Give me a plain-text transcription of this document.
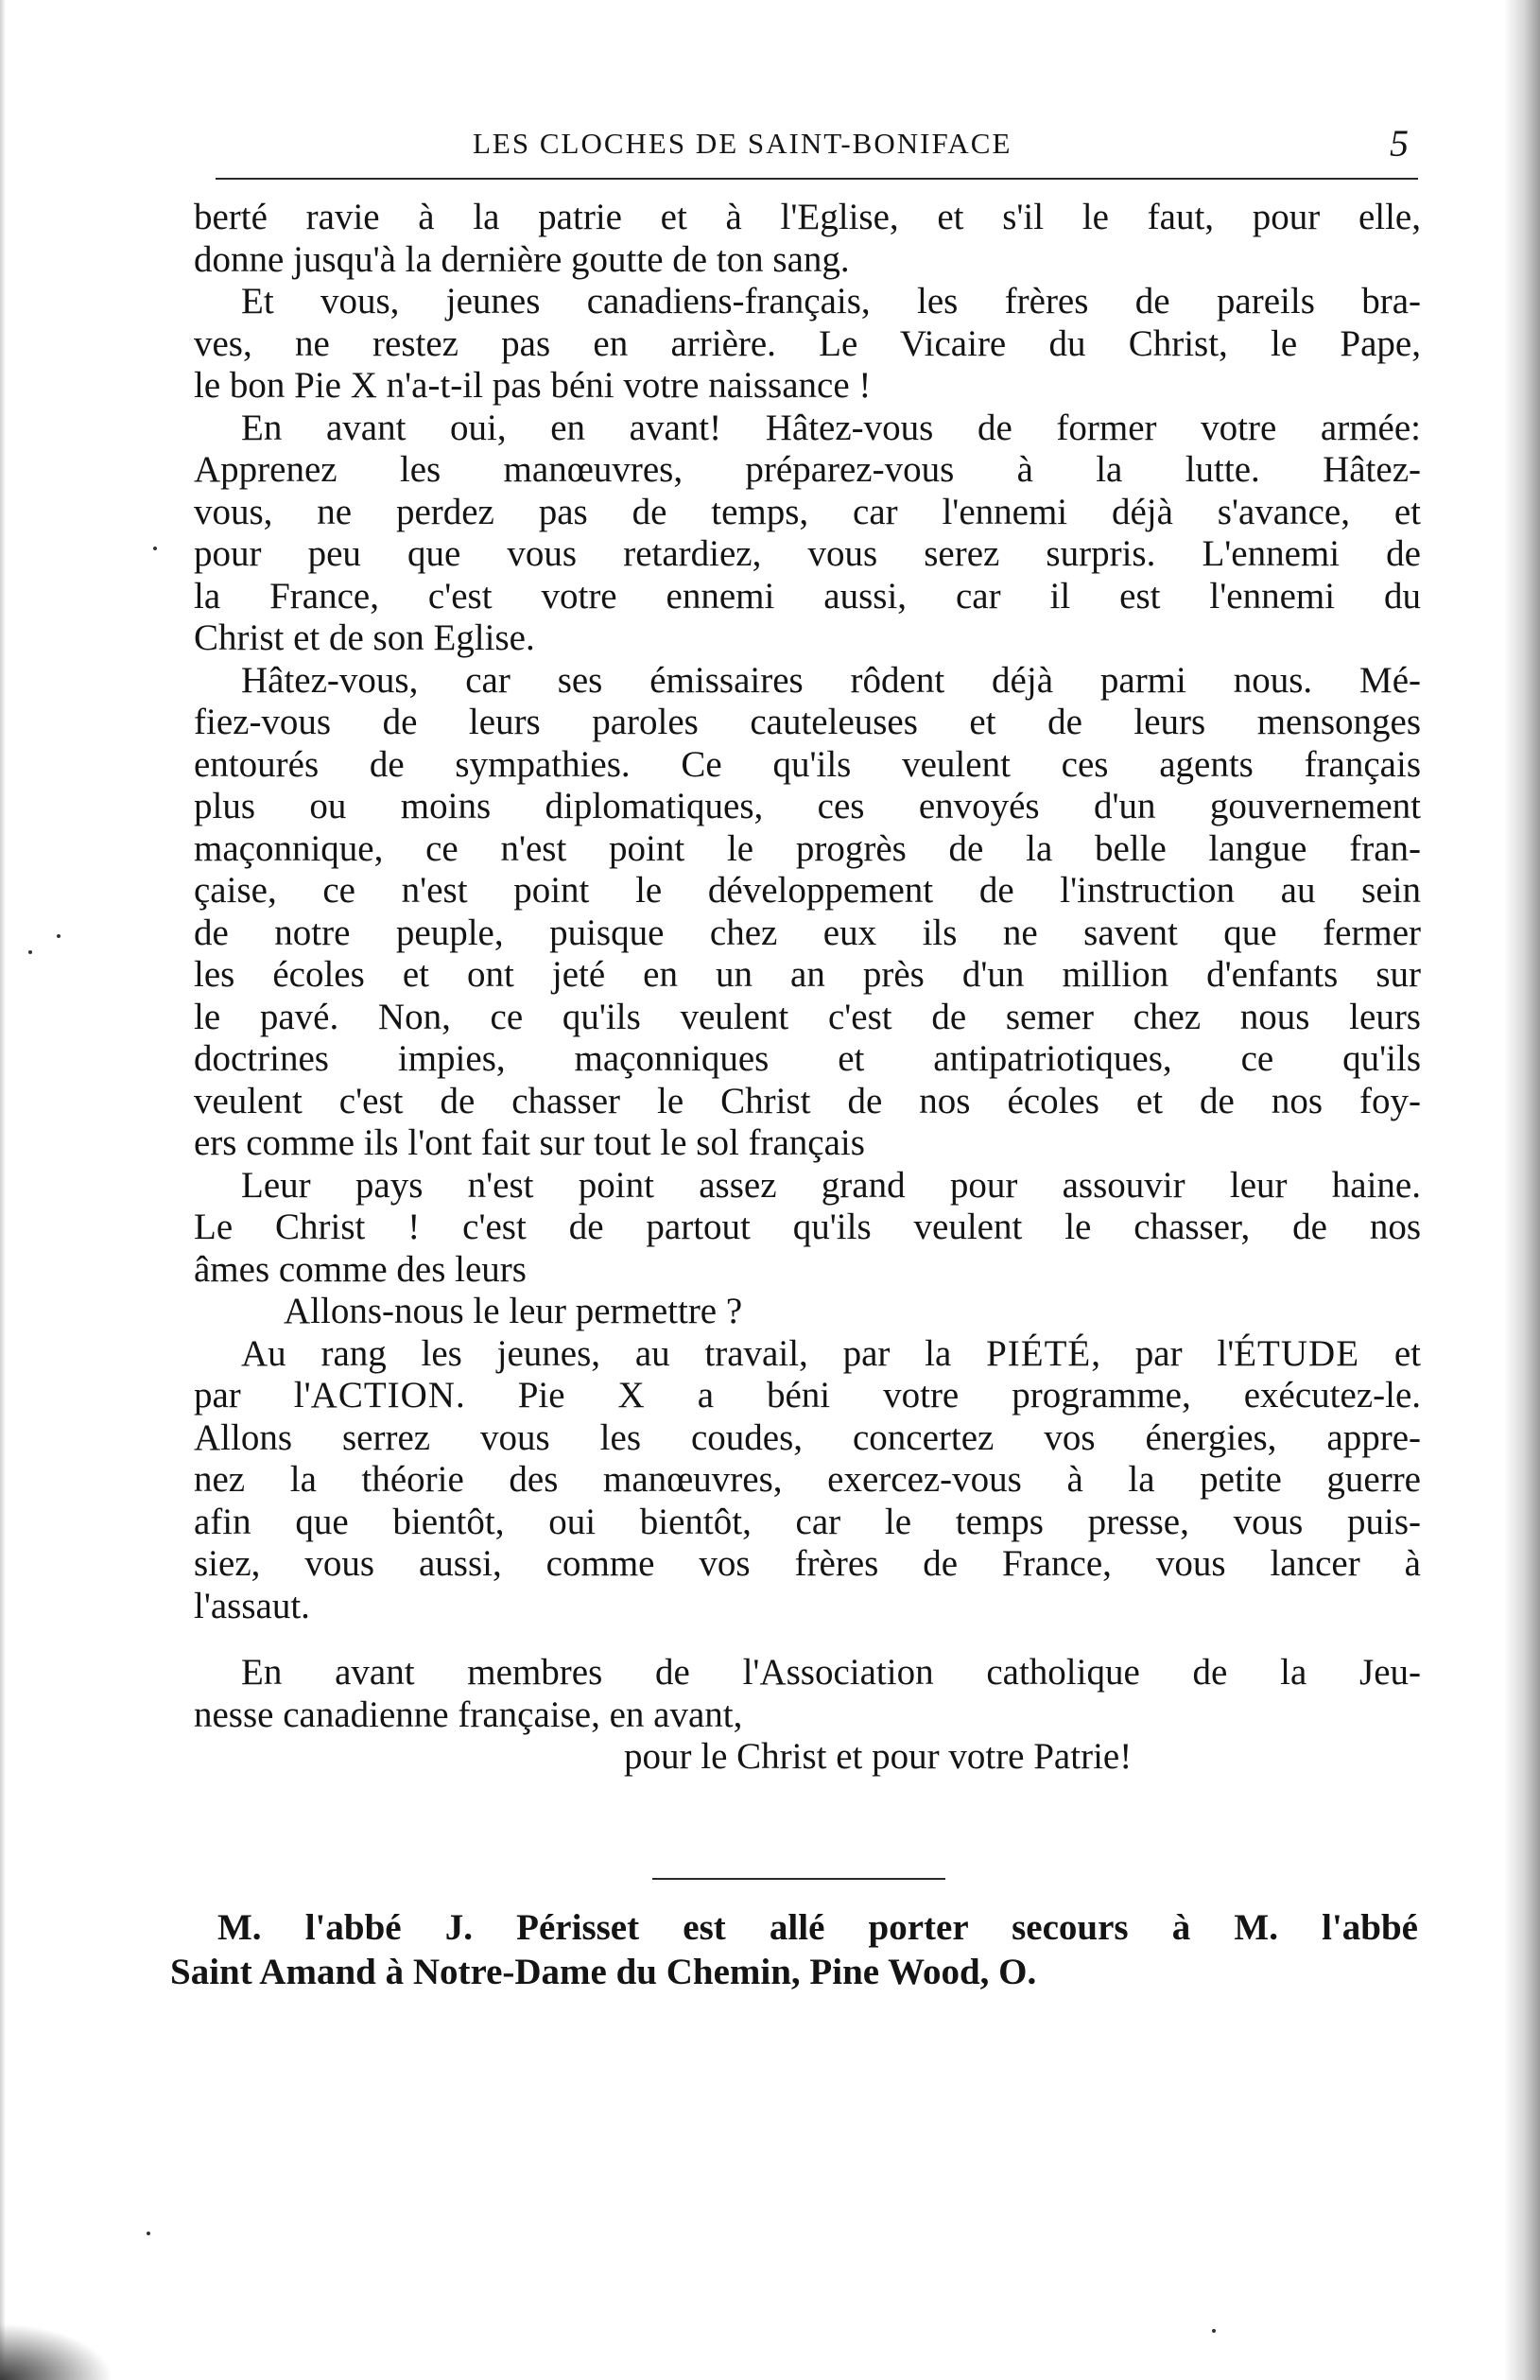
LES CLOCHES DE SAINT-BONIFACE	5
berté ravie à la patrie et à l'Eglise, et s'il le faut, pour elle,
donne jusqu'à la dernière goutte de ton sang.
Et vous, jeunes canadiens-français, les frères de pareils bra-
ves, ne restez pas en arrière. Le Vicaire du Christ, le Pape,
le bon Pie X n'a-t-il pas béni votre naissance !
En avant oui, en avant! Hâtez-vous de former votre armée:
Apprenez les manœuvres, préparez-vous à la lutte. Hâtez-
vous, ne perdez pas de temps, car l'ennemi déjà s'avance, et
pour peu que vous retardiez, vous serez surpris. L'ennemi de
la France, c'est votre ennemi aussi, car il est l'ennemi du
Christ et de son Eglise.
Hâtez-vous, car ses émissaires rôdent déjà parmi nous. Mé-
fiez-vous de leurs paroles cauteleuses et de leurs mensonges
entourés de sympathies. Ce qu'ils veulent ces agents français
plus ou moins diplomatiques, ces envoyés d'un gouvernement
maçonnique, ce n'est point le progrès de la belle langue fran-
çaise, ce n'est point le développement de l'instruction au sein
de notre peuple, puisque chez eux ils ne savent que fermer
les écoles et ont jeté en un an près d'un million d'enfants sur
le pavé. Non, ce qu'ils veulent c'est de semer chez nous leurs
doctrines impies, maçonniques et antipatriotiques, ce qu'ils
veulent c'est de chasser le Christ de nos écoles et de nos foy-
ers comme ils l'ont fait sur tout le sol français
Leur pays n'est point assez grand pour assouvir leur haine.
Le Christ ! c'est de partout qu'ils veulent le chasser, de nos
âmes comme des leurs
Allons-nous le leur permettre ?
Au rang les jeunes, au travail, par la PIÉTÉ, par l'ÉTUDE et
par l'ACTION. Pie X a béni votre programme, exécutez-le.
Allons serrez vous les coudes, concertez vos énergies, appre-
nez la théorie des manœuvres, exercez-vous à la petite guerre
afin que bientôt, oui bientôt, car le temps presse, vous puis-
siez, vous aussi, comme vos frères de France, vous lancer à
l'assaut.
En avant membres de l'Association catholique de la Jeu-
nesse canadienne française, en avant,
pour le Christ et pour votre Patrie!
M. l'abbé J. Périsset est allé porter secours à M. l'abbé
Saint Amand à Notre-Dame du Chemin, Pine Wood, O.
